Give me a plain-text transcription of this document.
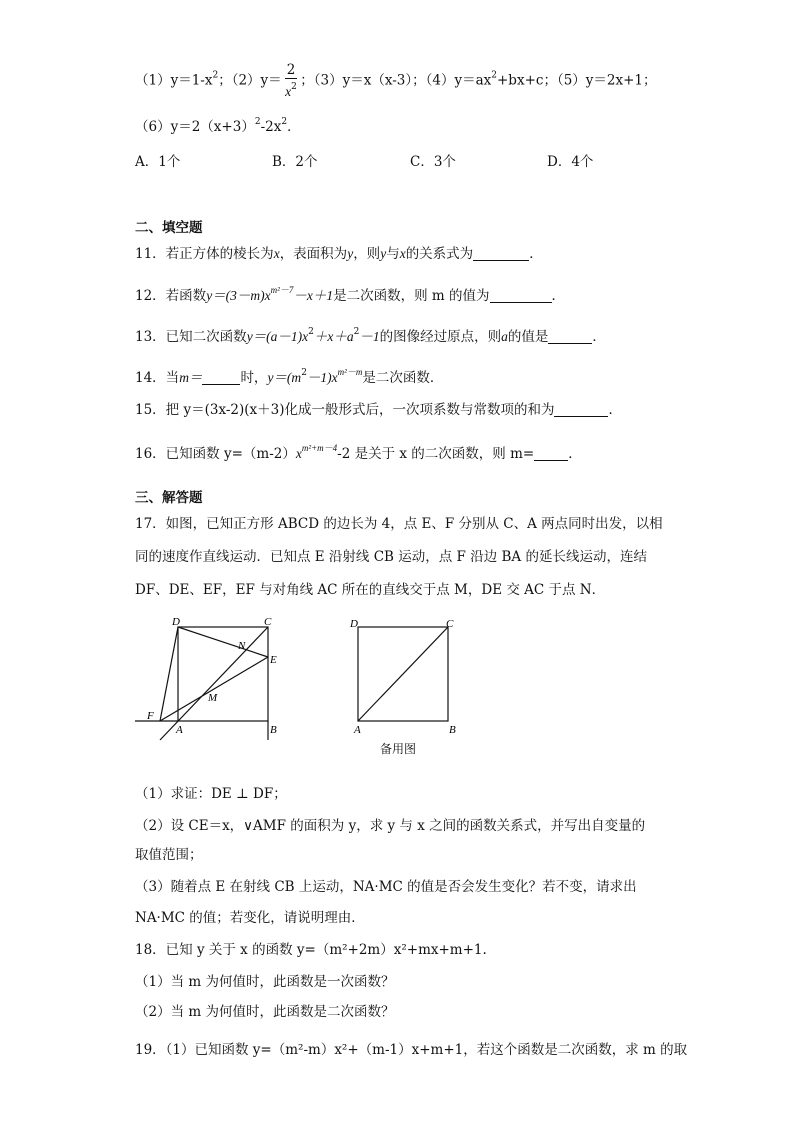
$(1)y=1-x^2$；$(2)y= \frac{2}{x^2}$ ；（3）y＝x（x-3）；$(4)y=ax^2+bx+c$；（5）y＝2x+1；
$(6)y=2(x+3)^2-2x^2$．
A．1个	B．2个	C．3个	D．4个
二、填空题
11．若正方体的棱长为x，表面积为y，则y与x的关系式为	．
12．若函数$y=(3-m)x^{m^2-7}-x+1$是二次函数，则 m 的值为	．
13．已知二次函数$y=(a-1)x^2+x+a^2-1$的图像经过原点，则a的值是	．
14．当m＝	时，$y=(m^2-1)x^{m^2-m}$是二次函数．
15．把 y＝(3x-2)(x＋3)化成一般形式后，一次项系数与常数项的和为	．
16．已知函数 $y=(m-2)x^{m^2+m-4}-2$ 是关于 x 的二次函数，则 m=	．
三、解答题
17．如图，已知正方形 ABCD 的边长为 4，点 E、F 分别从 C、A 两点同时出发，以相
同的速度作直线运动．已知点 E 沿射线 CB 运动，点 F 沿边 BA 的延长线运动，连结
DF、DE、EF，EF 与对角线 AC 所在的直线交于点 M，DE 交 AC 于点 N．
D	C
N
E
M
F
A	B
D	C
A	B
备用图
（1）求证：DE ⊥ DF；
（2）设 CE＝x，∨AMF 的面积为 y，求 y 与 x 之间的函数关系式，并写出自变量的
取值范围；
（3）随着点 E 在射线 CB 上运动，NA·MC 的值是否会发生变化？若不变，请求出
NA·MC 的值；若变化，请说明理由．
18．已知 y 关于 x 的函数 y=（m²+2m）x²+mx+m+1.
（1）当 m 为何值时，此函数是一次函数？
（2）当 m 为何值时，此函数是二次函数？
19．（1）已知函数 y=（m²-m）x²+（m-1）x+m+1，若这个函数是二次函数，求 m 的取
